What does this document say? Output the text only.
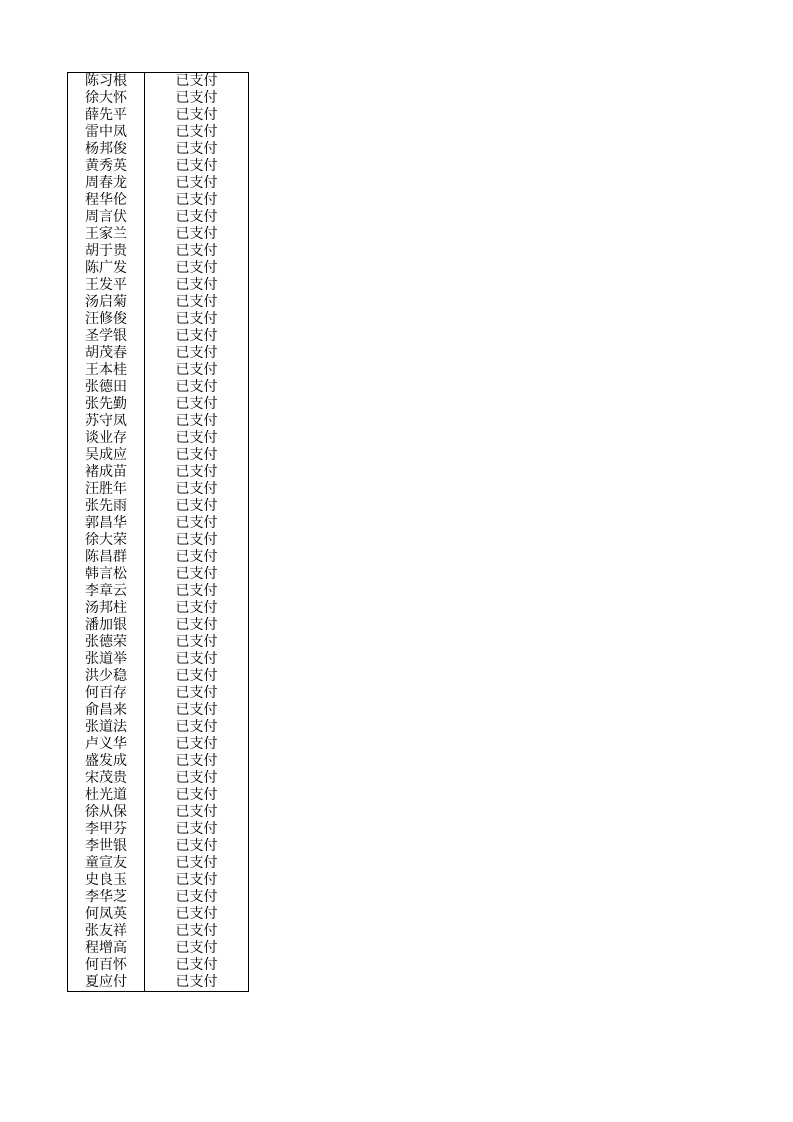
陈习根	已支付
徐大怀	已支付
薛先平	已支付
雷中凤	已支付
杨邦俊	已支付
黄秀英	已支付
周春龙	已支付
程华伦	已支付
周言伏	已支付
王家兰	已支付
胡于贵	已支付
陈广发	已支付
王发平	已支付
汤启菊	已支付
汪修俊	已支付
圣学银	已支付
胡茂春	已支付
王本桂	已支付
张德田	已支付
张先勤	已支付
苏守凤	已支付
谈业存	已支付
吴成应	已支付
褚成苗	已支付
汪胜年	已支付
张先雨	已支付
郭昌华	已支付
徐大荣	已支付
陈昌群	已支付
韩言松	已支付
李章云	已支付
汤邦柱	已支付
潘加银	已支付
张德荣	已支付
张道举	已支付
洪少稳	已支付
何百存	已支付
俞昌来	已支付
张道法	已支付
卢义华	已支付
盛发成	已支付
宋茂贵	已支付
杜光道	已支付
徐从保	已支付
李甲芬	已支付
李世银	已支付
童宣友	已支付
史良玉	已支付
李华芝	已支付
何凤英	已支付
张友祥	已支付
程增高	已支付
何百怀	已支付
夏应付	已支付
